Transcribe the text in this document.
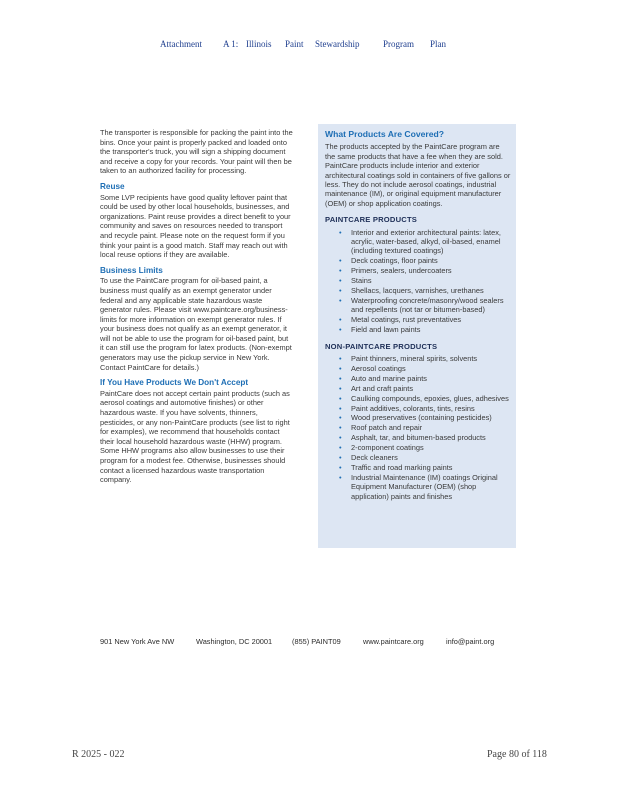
Attachment A 1: Illinois Paint Stewardship	Program Plan

The transporter is responsible for packing the paint into the bins. Once your paint is properly packed and loaded onto the transporter's truck, you will sign a shipping document and receive a copy for your records. Your paint will then be taken to an authorized facility for processing.

Reuse

Some LVP recipients have good quality leftover paint that could be used by other local households, businesses, and organizations. Paint reuse provides a direct benefit to your community and saves on resources needed to transport and recycle paint. Please note on the request form if you think your paint is a good match. Staff may reach out with local reuse options if they are available.

Business Limits

To use the PaintCare program for oil-based paint, a business must qualify as an exempt generator under federal and any applicable state hazardous waste generator rules. Please visit www.paintcare.org/business-limits for more information on exempt generator rules. If your business does not qualify as an exempt generator, it will not be able to use the program for oil-based paint, but it can still use the program for latex products. (Non-exempt generators may use the pickup service in New York. Contact PaintCare for details.)

If You Have Products We Don't Accept

PaintCare does not accept certain paint products (such as aerosol coatings and automotive finishes) or other hazardous waste. If you have solvents, thinners, pesticides, or any non-PaintCare products (see list to right for examples), we recommend that households contact their local household hazardous waste (HHW) program. Some HHW programs also allow businesses to use their program for a modest fee. Otherwise, businesses should contact a licensed hazardous waste transportation company.

What Products Are Covered?

The products accepted by the PaintCare program are the same products that have a fee when they are sold. PaintCare products include interior and exterior architectural coatings sold in containers of five gallons or less. They do not include aerosol coatings, industrial maintenance (IM), or original equipment manufacturer (OEM) or shop application coatings.

PAINTCARE PRODUCTS
• Interior and exterior architectural paints: latex, acrylic, water-based, alkyd, oil-based, enamel (including textured coatings)
• Deck coatings, floor paints
• Primers, sealers, undercoaters
• Stains
• Shellacs, lacquers, varnishes, urethanes
• Waterproofing concrete/masonry/wood sealers and repellents (not tar or bitumen-based)
• Metal coatings, rust preventatives
• Field and lawn paints
NON-PAINTCARE PRODUCTS
• Paint thinners, mineral spirits, solvents
• Aerosol coatings
• Auto and marine paints
• Art and craft paints
• Caulking compounds, epoxies, glues, adhesives
• Paint additives, colorants, tints, resins
• Wood preservatives (containing pesticides)
• Roof patch and repair
• Asphalt, tar, and bitumen-based products
• 2-component coatings
• Deck cleaners
• Traffic and road marking paints
• Industrial Maintenance (IM) coatings Original Equipment Manufacturer (OEM) (shop application) paints and finishes
901 New York Ave NW	Washington, DC 20001	(855) PAINT09	www.paintcare.org	info@paint.org
R 2025 - 022	Page 80 of 118
